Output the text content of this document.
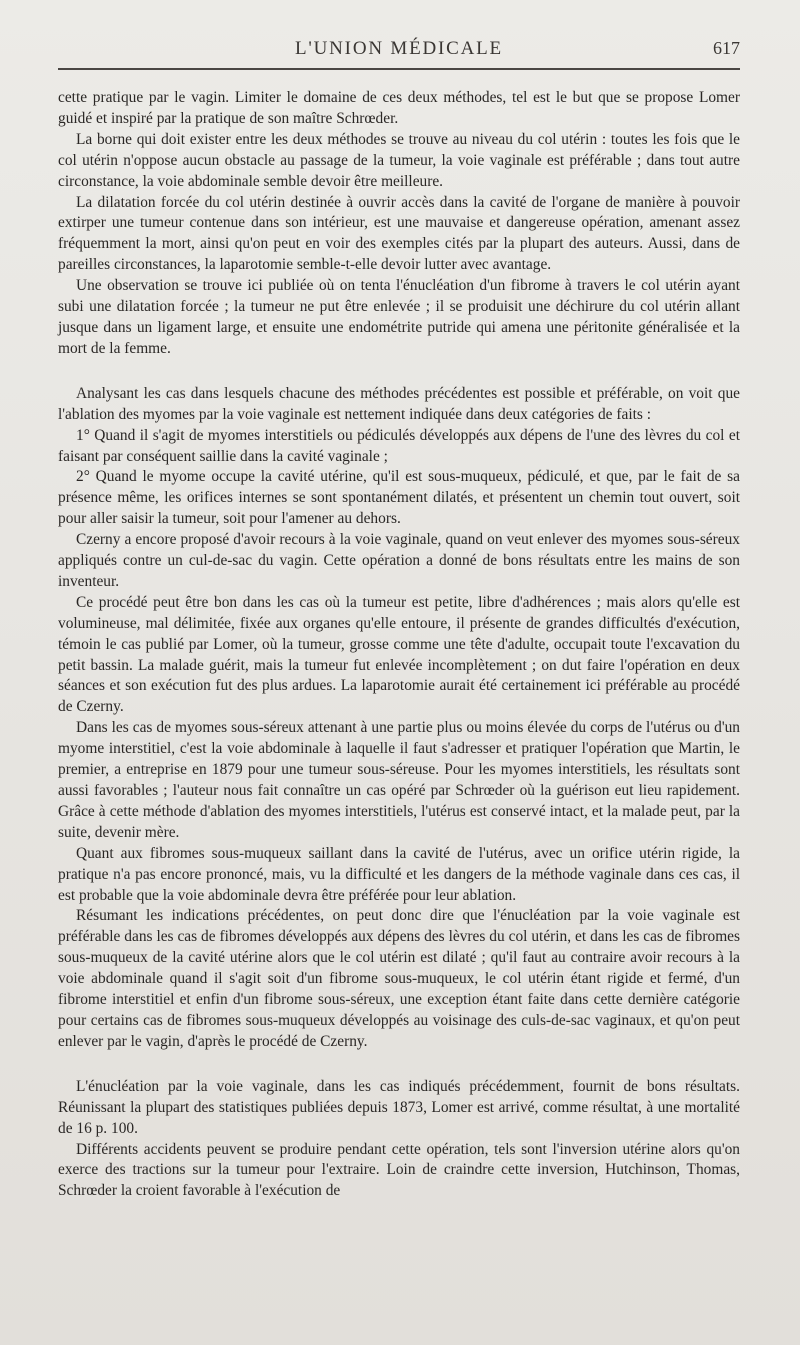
L'UNION MÉDICALE	617

cette pratique par le vagin. Limiter le domaine de ces deux méthodes, tel est le but que se propose Lomer guidé et inspiré par la pratique de son maître Schrœder.

La borne qui doit exister entre les deux méthodes se trouve au niveau du col utérin : toutes les fois que le col utérin n'oppose aucun obstacle au passage de la tumeur, la voie vaginale est préférable ; dans tout autre circonstance, la voie abdominale semble devoir être meilleure.

La dilatation forcée du col utérin destinée à ouvrir accès dans la cavité de l'organe de manière à pouvoir extirper une tumeur contenue dans son intérieur, est une mauvaise et dangereuse opération, amenant assez fréquemment la mort, ainsi qu'on peut en voir des exemples cités par la plupart des auteurs. Aussi, dans de pareilles circonstances, la laparotomie semble-t-elle devoir lutter avec avantage.

Une observation se trouve ici publiée où on tenta l'énucléation d'un fibrome à travers le col utérin ayant subi une dilatation forcée ; la tumeur ne put être enlevée ; il se produisit une déchirure du col utérin allant jusque dans un ligament large, et ensuite une endométrite putride qui amena une péritonite généralisée et la mort de la femme.

Analysant les cas dans lesquels chacune des méthodes précédentes est possible et préférable, on voit que l'ablation des myomes par la voie vaginale est nettement indiquée dans deux catégories de faits :

1° Quand il s'agit de myomes interstitiels ou pédiculés développés aux dépens de l'une des lèvres du col et faisant par conséquent saillie dans la cavité vaginale ;

2° Quand le myome occupe la cavité utérine, qu'il est sous-muqueux, pédiculé, et que, par le fait de sa présence même, les orifices internes se sont spontanément dilatés, et présentent un chemin tout ouvert, soit pour aller saisir la tumeur, soit pour l'amener au dehors.

Czerny a encore proposé d'avoir recours à la voie vaginale, quand on veut enlever des myomes sous-séreux appliqués contre un cul-de-sac du vagin. Cette opération a donné de bons résultats entre les mains de son inventeur.

Ce procédé peut être bon dans les cas où la tumeur est petite, libre d'adhérences ; mais alors qu'elle est volumineuse, mal délimitée, fixée aux organes qu'elle entoure, il présente de grandes difficultés d'exécution, témoin le cas publié par Lomer, où la tumeur, grosse comme une tête d'adulte, occupait toute l'excavation du petit bassin. La malade guérit, mais la tumeur fut enlevée incomplètement ; on dut faire l'opération en deux séances et son exécution fut des plus ardues. La laparotomie aurait été certainement ici préférable au procédé de Czerny.

Dans les cas de myomes sous-séreux attenant à une partie plus ou moins élevée du corps de l'utérus ou d'un myome interstitiel, c'est la voie abdominale à laquelle il faut s'adresser et pratiquer l'opération que Martin, le premier, a entreprise en 1879 pour une tumeur sous-séreuse. Pour les myomes interstitiels, les résultats sont aussi favorables ; l'auteur nous fait connaître un cas opéré par Schrœder où la guérison eut lieu rapidement. Grâce à cette méthode d'ablation des myomes interstitiels, l'utérus est conservé intact, et la malade peut, par la suite, devenir mère.

Quant aux fibromes sous-muqueux saillant dans la cavité de l'utérus, avec un orifice utérin rigide, la pratique n'a pas encore prononcé, mais, vu la difficulté et les dangers de la méthode vaginale dans ces cas, il est probable que la voie abdominale devra être préférée pour leur ablation.

Résumant les indications précédentes, on peut donc dire que l'énucléation par la voie vaginale est préférable dans les cas de fibromes développés aux dépens des lèvres du col utérin, et dans les cas de fibromes sous-muqueux de la cavité utérine alors que le col utérin est dilaté ; qu'il faut au contraire avoir recours à la voie abdominale quand il s'agit soit d'un fibrome sous-muqueux, le col utérin étant rigide et fermé, d'un fibrome interstitiel et enfin d'un fibrome sous-séreux, une exception étant faite dans cette dernière catégorie pour certains cas de fibromes sous-muqueux développés au voisinage des culs-de-sac vaginaux, et qu'on peut enlever par le vagin, d'après le procédé de Czerny.

L'énucléation par la voie vaginale, dans les cas indiqués précédemment, fournit de bons résultats. Réunissant la plupart des statistiques publiées depuis 1873, Lomer est arrivé, comme résultat, à une mortalité de 16 p. 100.

Différents accidents peuvent se produire pendant cette opération, tels sont l'inversion utérine alors qu'on exerce des tractions sur la tumeur pour l'extraire. Loin de craindre cette inversion, Hutchinson, Thomas, Schrœder la croient favorable à l'exécution de
